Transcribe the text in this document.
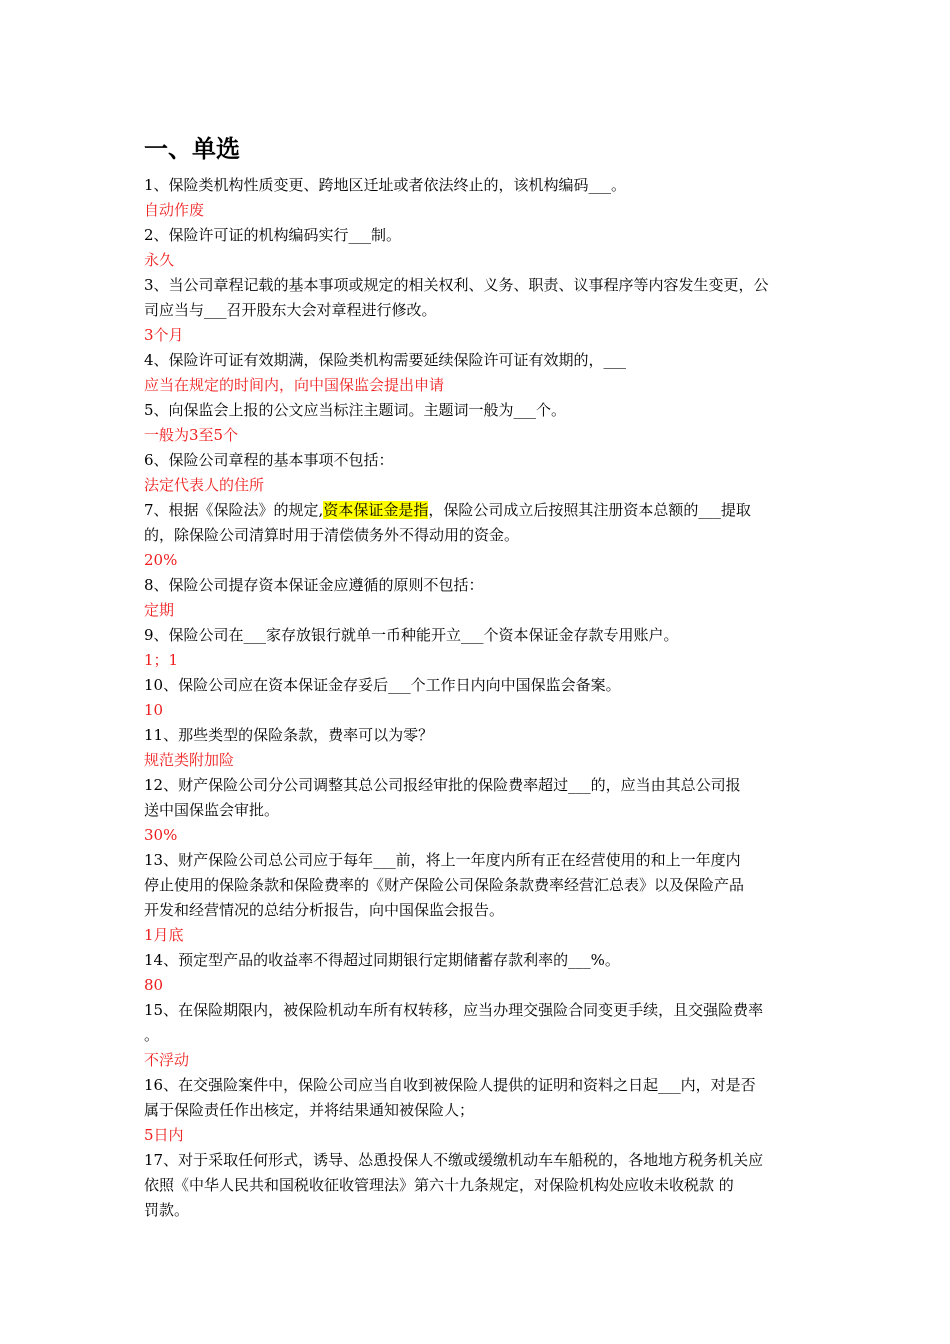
一、单选
1、保险类机构性质变更、跨地区迁址或者依法终止的，该机构编码___。
自动作废
2、保险许可证的机构编码实行___制。
永久
3、当公司章程记载的基本事项或规定的相关权利、义务、职责、议事程序等内容发生变更，公
司应当与___召开股东大会对章程进行修改。
3个月
4、保险许可证有效期满，保险类机构需要延续保险许可证有效期的，___
应当在规定的时间内，向中国保监会提出申请
5、向保监会上报的公文应当标注主题词。主题词一般为___个。
一般为3至5个
6、保险公司章程的基本事项不包括：
法定代表人的住所
7、根据《保险法》的规定,资本保证金是指，保险公司成立后按照其注册资本总额的___提取
的，除保险公司清算时用于清偿债务外不得动用的资金。
20%
8、保险公司提存资本保证金应遵循的原则不包括：
定期
9、保险公司在___家存放银行就单一币种能开立___个资本保证金存款专用账户。
1；1
10、保险公司应在资本保证金存妥后___个工作日内向中国保监会备案。
10
11、那些类型的保险条款，费率可以为零？
规范类附加险
12、财产保险公司分公司调整其总公司报经审批的保险费率超过___的，应当由其总公司报
送中国保监会审批。
30%
13、财产保险公司总公司应于每年___前，将上一年度内所有正在经营使用的和上一年度内
停止使用的保险条款和保险费率的《财产保险公司保险条款费率经营汇总表》以及保险产品
开发和经营情况的总结分析报告，向中国保监会报告。
1月底
14、预定型产品的收益率不得超过同期银行定期储蓄存款利率的___%。
80
15、在保险期限内，被保险机动车所有权转移，应当办理交强险合同变更手续，且交强险费率
。
不浮动
16、在交强险案件中，保险公司应当自收到被保险人提供的证明和资料之日起___内，对是否
属于保险责任作出核定，并将结果通知被保险人；
5日内
17、对于采取任何形式，诱导、怂恿投保人不缴或缓缴机动车车船税的，各地地方税务机关应
依照《中华人民共和国税收征收管理法》第六十九条规定，对保险机构处应收未收税款 的
罚款。
